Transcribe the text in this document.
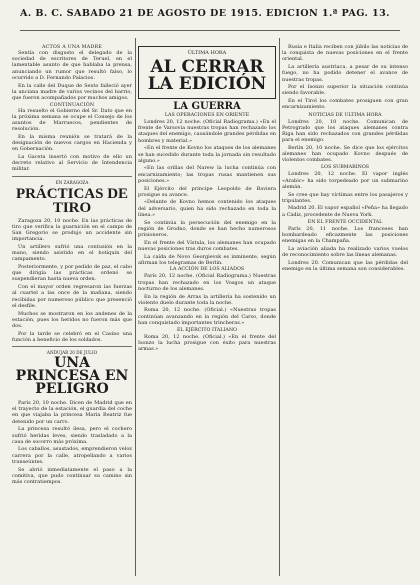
A. B. C. SABADO 21 DE AGOSTO DE 1915. EDICION 1.ª PAG. 13.
ACTOS A UNA MADRE

Sentía con disgusto el delegado de la sociedad de escritores de Teruel, en el lamentable asunto de que hablaba la prensa, anunciando un rumor que resultó falso, lo ocurrido a D. Fernando Palacios.

En la calle del Duque de Sexto falleció ayer la anciana madre de varios vecinos del barrio, que fueron acompañados por muchos amigos.

CONTINUACIÓN

Ha resuelto el Gobierno del Sr. Dato que en la próxima semana se ocupe el Consejo de los asuntos de Marruecos, pendientes de resolución.

En la misma reunión se tratará de la designación de nuevos cargos en Hacienda y en Gobernación.

La Gaceta insertó con motivo de ello un decreto relativo al Servicio de Intendencia militar.

EN ZARAGOZA
PRÁCTICAS DE TIRO

Zaragoza 20, 10 noche. En las prácticas de tiro que verifica la guarnición en el campo de San Gregorio se produjo un accidente sin importancia.

Un artillero sufrió una contusión en la mano, siendo asistido en el botiquín del campamento.

Posteriormente, y por pedido de paz, el cabo que dirigía las prácticas ordenó se suspendieran hasta nueva orden.

Con el mayor orden regresaron las fuerzas al cuartel a las once de la mañana, siendo recibidas por numeroso público que presenció el desfile.

Muchos se mostraron en los andenes de la estación, pues los heridos no fueron más que dos.

Por la tarde se celebró en el Casino una función a beneficio de los soldados.

ANDUJAR 20 DE JULIO
UNA PRINCESA EN PELIGRO

París 20, 10 noche. Dicen de Madrid que en el trayecto de la estación, el guardia del coche en que viajaba la princesa María Beatriz fue detenido por un carro.

La princesa resultó ilesa, pero el cochero sufrió heridas leves, siendo trasladado a la casa de socorro más próxima.

Los caballos, asustados, emprendieron veloz carrera por la calle, atropellando a varios transeúntes.

Se abrió inmediatamente el paso a la comitiva, que pudo continuar su camino sin más contratiempos.

ÚLTIMA HORA
AL CERRAR LA EDICIÓN
LA GUERRA
LAS OPERACIONES EN ORIENTE

Londres 20, 12 noche. (Oficial Radiograma.) «En el frente de Varsovia nuestras tropas han rechazado los ataques del enemigo, causándole grandes pérdidas en hombres y material.»

«En el frente de Kovno los ataques de los alemanes se han sucedido durante toda la jornada sin resultado alguno.»

«En las orillas del Narew la lucha continúa con encarnizamiento; las tropas rusas mantienen sus posiciones.»

El Ejército del príncipe Leopoldo de Baviera prosigue su avance.

«Delante de Kovno hemos contenido los ataques del adversario, quien ha sido rechazado en toda la línea.»

Se continúa la persecución del enemigo en la región de Grodno, donde se han hecho numerosos prisioneros.

En el frente del Vístula, los alemanes han ocupado nuevas posiciones tras duros combates.

La caída de Novo Georgievsk es inminente, según afirman los telegramas de Berlín.

LA ACCIÓN DE LOS ALIADOS

París 20, 12 noche. (Oficial Radiograma.) Nuestras tropas han rechazado en los Vosgos un ataque nocturno de los alemanes.

En la región de Arras la artillería ha sostenido un violento duelo durante toda la noche.

Roma 20, 12 noche. (Oficial.) «Nuestras tropas continúan avanzando en la región del Carso, donde han conquistado importantes trincheras.»

EL EJÉRCITO ITALIANO

Roma 20, 12 noche. (Oficial.) «En el frente del Isonzo la lucha prosigue con éxito para nuestras armas.»

Rusia e Italia reciben con júbilo las noticias de la conquista de nuevas posiciones en el frente oriental.

La artillería austriaca, a pesar de su intenso fuego, no ha podido detener el avance de nuestras tropas.

Por el Isonzo superior la situación continúa siendo favorable.

En el Tirol los combates prosiguen con gran encarnizamiento.

NOTICIAS DE ULTIMA HORA

Londres 20, 10 noche. Comunican de Petrogrado que los ataques alemanes contra Riga han sido rechazados con grandes pérdidas para el enemigo.

Berlín 20, 10 noche. Se dice que los ejércitos alemanes han ocupado Kovno después de violentos combates.

LOS SUBMARINOS

Londres 20, 12 noche. El vapor inglés «Arabic» ha sido torpedeado por un submarino alemán.

Se cree que hay víctimas entre los pasajeros y tripulantes.

Madrid 20. El vapor español «Peña» ha llegado a Cádiz, procedente de Nueva York.

EN EL FRENTE OCCIDENTAL

París 20, 11 noche. Los franceses han bombardeado eficazmente las posiciones enemigas en la Champaña.

La aviación aliada ha realizado varios vuelos de reconocimiento sobre las líneas alemanas.

Londres 20. Comunican que las pérdidas del enemigo en la última semana son considerables.
